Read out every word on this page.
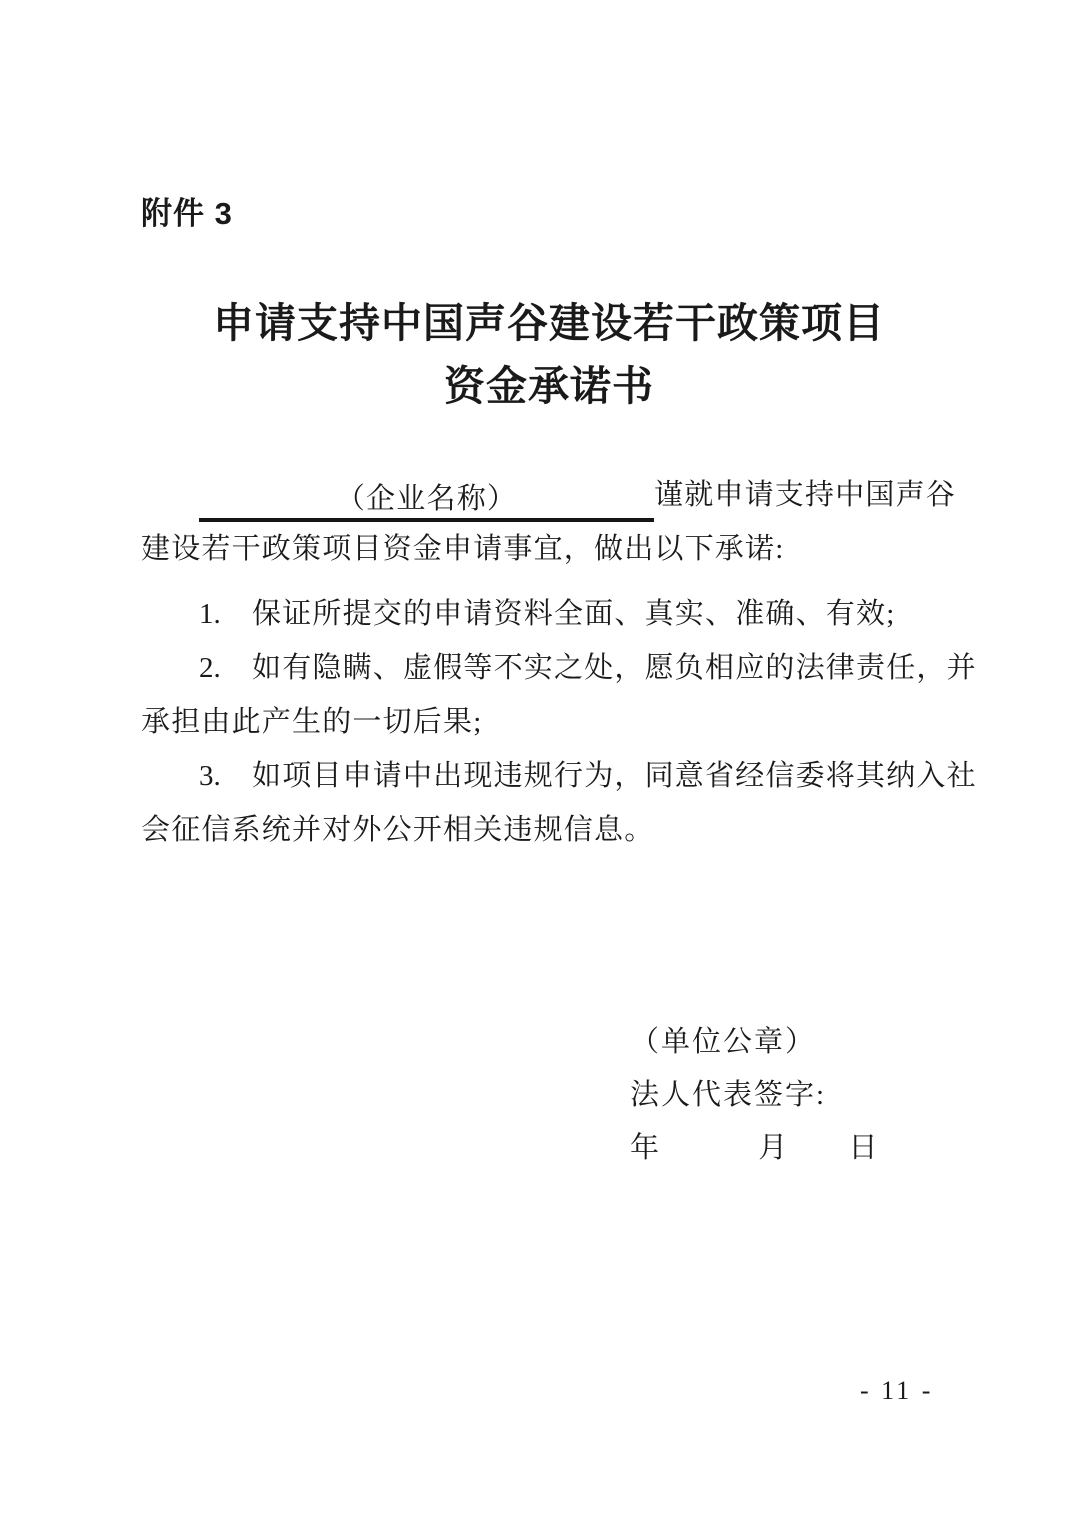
附件 3
申请支持中国声谷建设若干政策项目
资金承诺书

（企业名称）	谨就申请支持中国声谷

建设若干政策项目资金申请事宜，做出以下承诺:

1. 保证所提交的申请资料全面、真实、准确、有效;

2. 如有隐瞒、虚假等不实之处，愿负相应的法律责任，并

承担由此产生的一切后果;

3. 如项目申请中出现违规行为，同意省经信委将其纳入社

会征信系统并对外公开相关违规信息。

（单位公章）

法人代表签字:

年	月 日

- 11 -
